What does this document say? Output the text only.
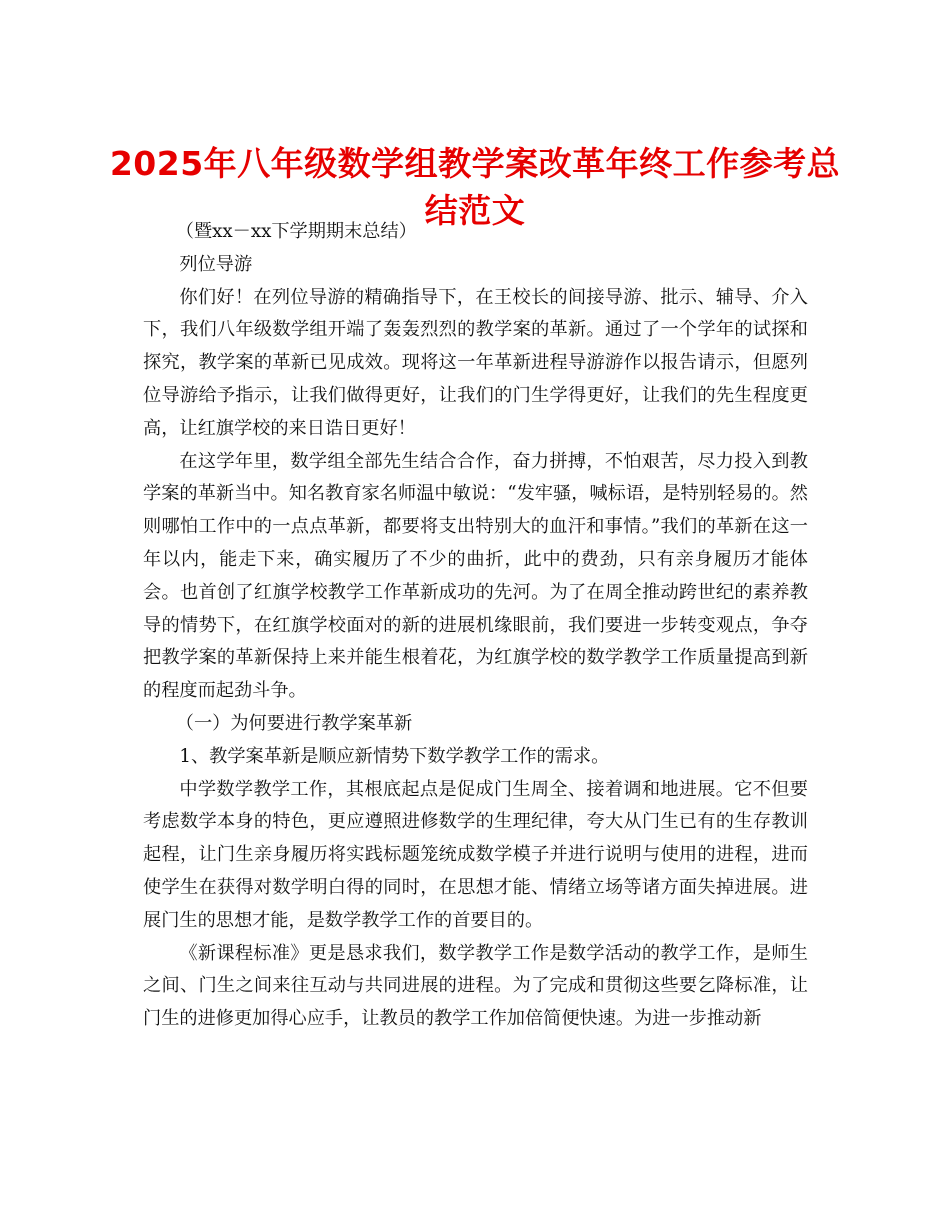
2025年八年级数学组教学案改革年终工作参考总结范文

（暨xx－xx下学期期末总结）

列位导游

你们好！在列位导游的精确指导下，在王校长的间接导游、批示、辅导、介入下，我们八年级数学组开端了轰轰烈烈的教学案的革新。通过了一个学年的试探和探究，教学案的革新已见成效。现将这一年革新进程导游游作以报告请示，但愿列位导游给予指示，让我们做得更好，让我们的门生学得更好，让我们的先生程度更高，让红旗学校的来日诰日更好！

在这学年里，数学组全部先生结合合作，奋力拼搏，不怕艰苦，尽力投入到教学案的革新当中。知名教育家名师温中敏说：“发牢骚，喊标语，是特别轻易的。然则哪怕工作中的一点点革新，都要将支出特别大的血汗和事情。”我们的革新在这一年以内，能走下来，确实履历了不少的曲折，此中的费劲，只有亲身履历才能体会。也首创了红旗学校教学工作革新成功的先河。为了在周全推动跨世纪的素养教导的情势下，在红旗学校面对的新的进展机缘眼前，我们要进一步转变观点，争夺把教学案的革新保持上来并能生根着花，为红旗学校的数学教学工作质量提高到新的程度而起劲斗争。

（一）为何要进行教学案革新

1、教学案革新是顺应新情势下数学教学工作的需求。

中学数学教学工作，其根底起点是促成门生周全、接着调和地进展。它不但要考虑数学本身的特色，更应遵照进修数学的生理纪律，夸大从门生已有的生存教训起程，让门生亲身履历将实践标题笼统成数学模子并进行说明与使用的进程，进而使学生在获得对数学明白得的同时，在思想才能、情绪立场等诸方面失掉进展。进展门生的思想才能，是数学教学工作的首要目的。

《新课程标准》更是恳求我们，数学教学工作是数学活动的教学工作，是师生之间、门生之间来往互动与共同进展的进程。为了完成和贯彻这些要乞降标准，让门生的进修更加得心应手，让教员的教学工作加倍简便快速。为进一步推动新
